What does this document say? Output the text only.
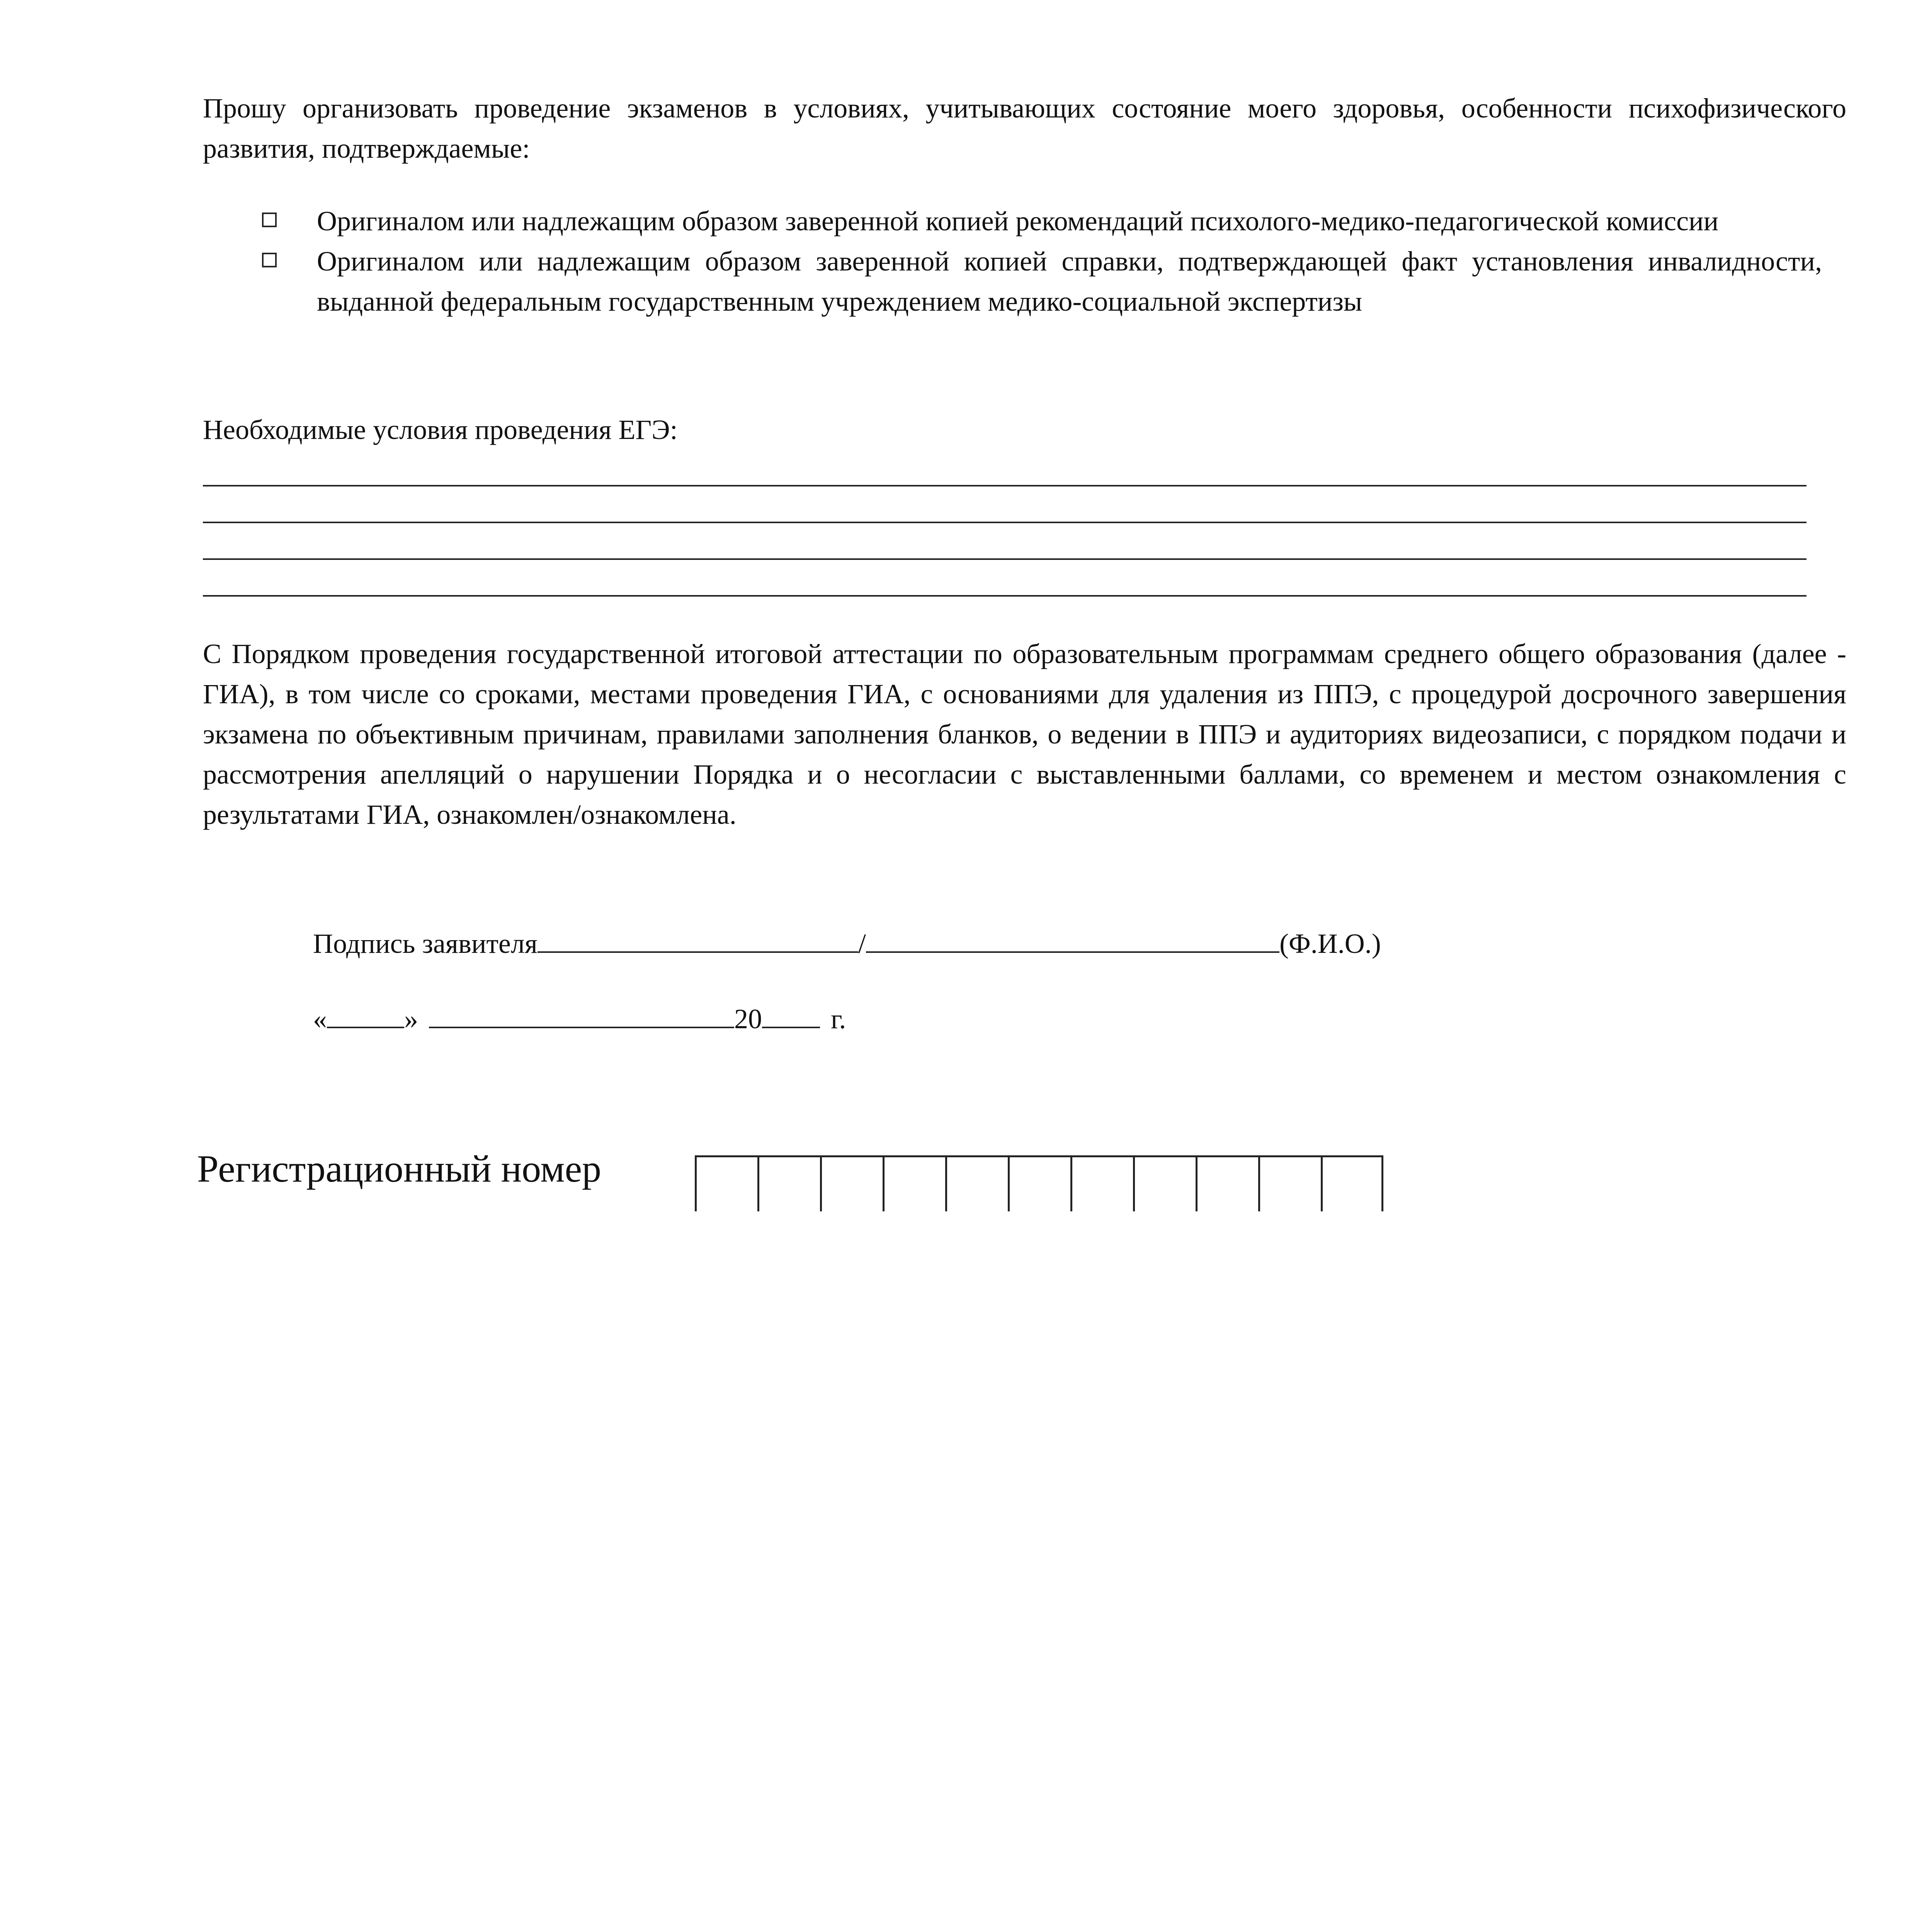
Прошу организовать проведение экзаменов в условиях, учитывающих состояние моего здоровья, особенности психофизического развития, подтверждаемые:

Оригиналом или надлежащим образом заверенной копией рекомендаций психолого-медико-педагогической комиссии
Оригиналом или надлежащим образом заверенной копией справки, подтверждающей факт установления инвалидности, выданной федеральным государственным учреждением медико-социальной экспертизы

Необходимые условия проведения ЕГЭ:

С Порядком проведения государственной итоговой аттестации по образовательным программам среднего общего образования (далее - ГИА), в том числе со сроками, местами проведения ГИА, с основаниями для удаления из ППЭ, с процедурой досрочного завершения экзамена по объективным причинам, правилами заполнения бланков, о ведении в ППЭ и аудиториях видеозаписи, с порядком подачи и рассмотрения апелляций о нарушении Порядка и о несогласии с выставленными баллами, со временем и местом ознакомления с результатами ГИА, ознакомлен/ознакомлена.

Подпись заявителя	/	(Ф.И.О.)
«	»	20 г.

Регистрационный номер
